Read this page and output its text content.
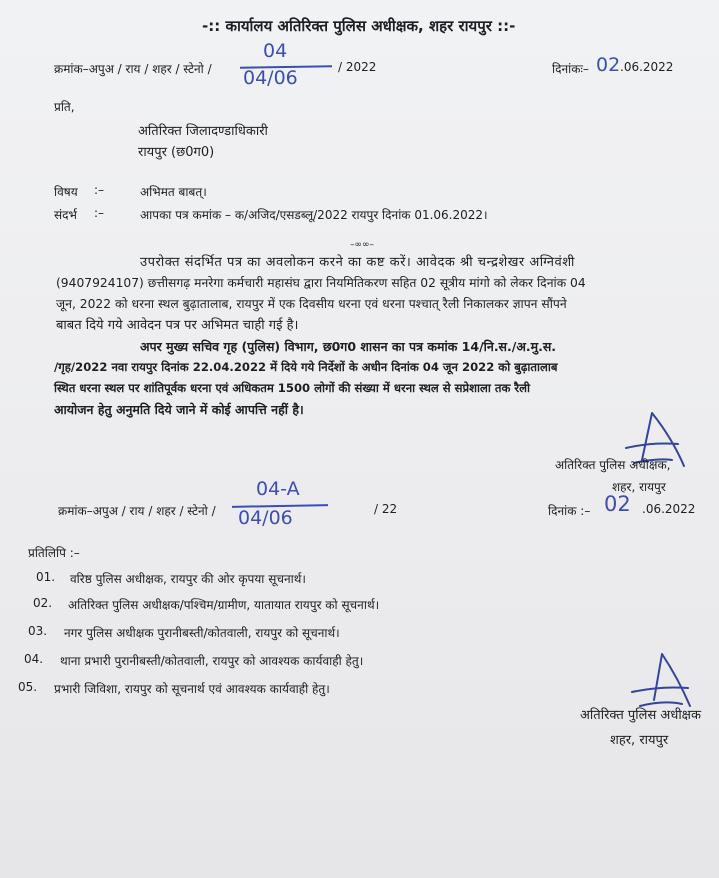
-:: कार्यालय अतिरिक्त पुलिस अधीक्षक, शहर रायपुर ::-
क्रमांक–अपुअ / राय / शहर / स्टेनो /
04
04/06	/ 2022	दिनांकः– 02 .06.2022
प्रति,
अतिरिक्त जिलादण्डाधिकारी
रायपुर (छ0ग0)
विषय :–	अभिमत बाबत्।
संदर्भ :–	आपका पत्र कमांक – क/अजिद/एसडब्लू/2022 रायपुर दिनांक 01.06.2022।
–∞∞–
उपरोक्त संदर्भित पत्र का अवलोकन करने का कष्ट करें। आवेदक श्री चन्द्रशेखर अग्निवंशी
(9407924107) छत्तीसगढ़ मनरेगा कर्मचारी महासंघ द्वारा नियमितिकरण सहित 02 सूत्रीय मांगो को लेकर दिनांक 04
जून, 2022 को धरना स्थल बुढ़ातालाब, रायपुर में एक दिवसीय धरना एवं धरना पश्चात् रैली निकालकर ज्ञापन सौंपने
बाबत दिये गये आवेदन पत्र पर अभिमत चाही गई है।
अपर मुख्य सचिव गृह (पुलिस) विभाग, छ0ग0 शासन का पत्र कमांक 14/नि.स./अ.मु.स.
/गृह/2022 नवा रायपुर दिनांक 22.04.2022 में दिये गये निर्देशों के अधीन दिनांक 04 जून 2022 को बुढ़ातालाब
स्थित धरना स्थल पर शांतिपूर्वक धरना एवं अधिकतम 1500 लोगों की संख्या में धरना स्थल से सप्रेशाला तक रैली
आयोजन हेतु अनुमति दिये जाने में कोई आपत्ति नहीं है।
अतिरिक्त पुलिस अधीक्षक,
शहर, रायपुर
क्रमांक–अपुअ / राय / शहर / स्टेनो /
04-A
04/06	/ 22	दिनांक :– 02 .06.2022
प्रतिलिपि :–
01. वरिष्ठ पुलिस अधीक्षक, रायपुर की ओर कृपया सूचनार्थ।
02. अतिरिक्त पुलिस अधीक्षक/पश्चिम/ग्रामीण, यातायात रायपुर को सूचनार्थ।
03. नगर पुलिस अधीक्षक पुरानीबस्ती/कोतवाली, रायपुर को सूचनार्थ।
04. थाना प्रभारी पुरानीबस्ती/कोतवाली, रायपुर को आवश्यक कार्यवाही हेतु।
05. प्रभारी जिविशा, रायपुर को सूचनार्थ एवं आवश्यक कार्यवाही हेतु।
अतिरिक्त पुलिस अधीक्षक
शहर, रायपुर
